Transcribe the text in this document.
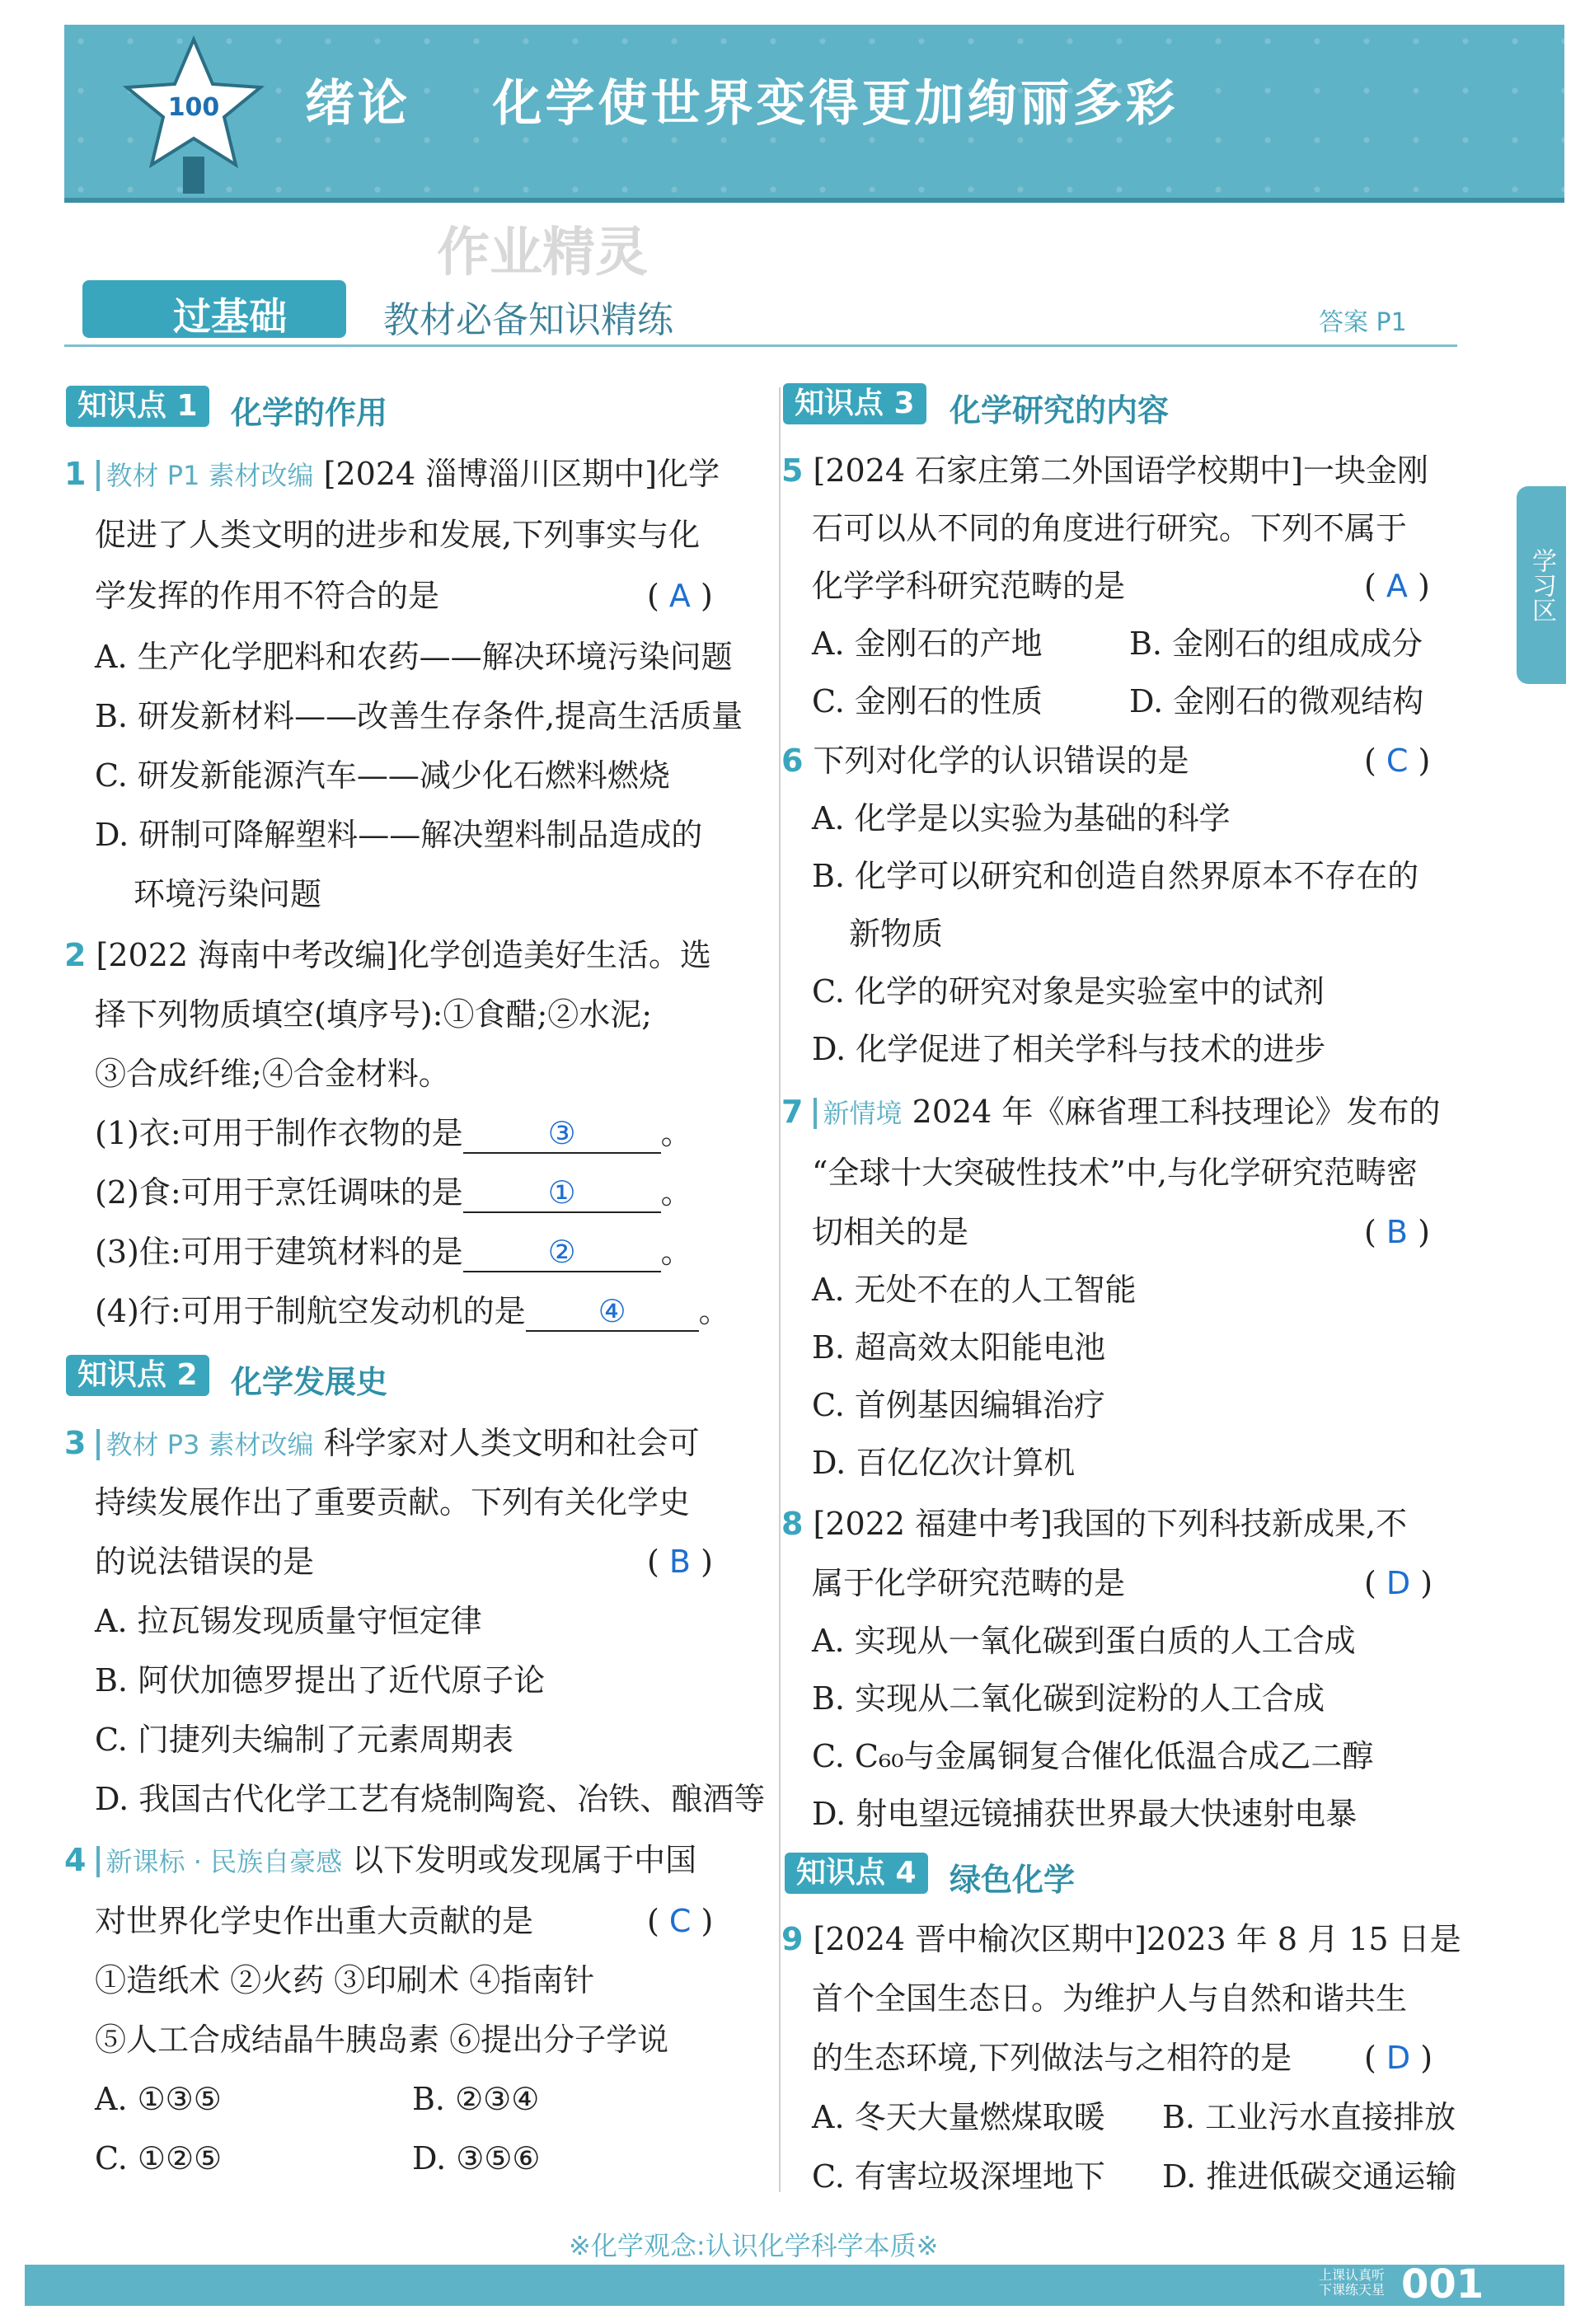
100 绪论    化学使世界变得更加绚丽多彩
作业精灵
过基础	教材必备知识精练	答案 P1
学习区
知识点 1	化学的作用
1 教材 P1 素材改编 [2024 淄博淄川区期中]化学
促进了人类文明的进步和发展,下列事实与化
学发挥的作用不符合的是	( A )
A. 生产化学肥料和农药——解决环境污染问题
B. 研发新材料——改善生存条件,提高生活质量
C. 研发新能源汽车——减少化石燃料燃烧
D. 研制可降解塑料——解决塑料制品造成的
环境污染问题
2 [2022 海南中考改编]化学创造美好生活。选
择下列物质填空(填序号):①食醋;②水泥;
③合成纤维;④合金材料。
(1)衣:可用于制作衣物的是	③	。
(2)食:可用于烹饪调味的是	①	。
(3)住:可用于建筑材料的是	②	。
(4)行:可用于制航空发动机的是 ④ 。
知识点 2	化学发展史
3 教材 P3 素材改编 科学家对人类文明和社会可
持续发展作出了重要贡献。下列有关化学史
的说法错误的是	( B )
A. 拉瓦锡发现质量守恒定律
B. 阿伏加德罗提出了近代原子论
C. 门捷列夫编制了元素周期表
D. 我国古代化学工艺有烧制陶瓷、冶铁、酿酒等
4 新课标 · 民族自豪感 以下发明或发现属于中国
对世界化学史作出重大贡献的是	( C )
①造纸术 ②火药 ③印刷术 ④指南针
⑤人工合成结晶牛胰岛素 ⑥提出分子学说
A. ①③⑤	B. ②③④
C. ①②⑤	D. ③⑤⑥
知识点 3	化学研究的内容
5 [2024 石家庄第二外国语学校期中]一块金刚
石可以从不同的角度进行研究。下列不属于
化学学科研究范畴的是	( A )
A. 金刚石的产地	B. 金刚石的组成成分
C. 金刚石的性质	D. 金刚石的微观结构
6 下列对化学的认识错误的是	( C )
A. 化学是以实验为基础的科学
B. 化学可以研究和创造自然界原本不存在的
新物质
C. 化学的研究对象是实验室中的试剂
D. 化学促进了相关学科与技术的进步
7 新情境 2024 年《麻省理工科技理论》发布的
“全球十大突破性技术”中,与化学研究范畴密
切相关的是	( B )
A. 无处不在的人工智能
B. 超高效太阳能电池
C. 首例基因编辑治疗
D. 百亿亿次计算机
8 [2022 福建中考]我国的下列科技新成果,不
属于化学研究范畴的是	( D )
A. 实现从一氧化碳到蛋白质的人工合成
B. 实现从二氧化碳到淀粉的人工合成
C. C₆₀与金属铜复合催化低温合成乙二醇
D. 射电望远镜捕获世界最大快速射电暴
知识点 4	绿色化学
9 [2024 晋中榆次区期中]2023 年 8 月 15 日是
首个全国生态日。为维护人与自然和谐共生
的生态环境,下列做法与之相符的是 ( D )
A. 冬天大量燃煤取暖 B. 工业污水直接排放
C. 有害垃圾深埋地下 D. 推进低碳交通运输
※化学观念:认识化学科学本质※
上课认真听
下课练天星 001
